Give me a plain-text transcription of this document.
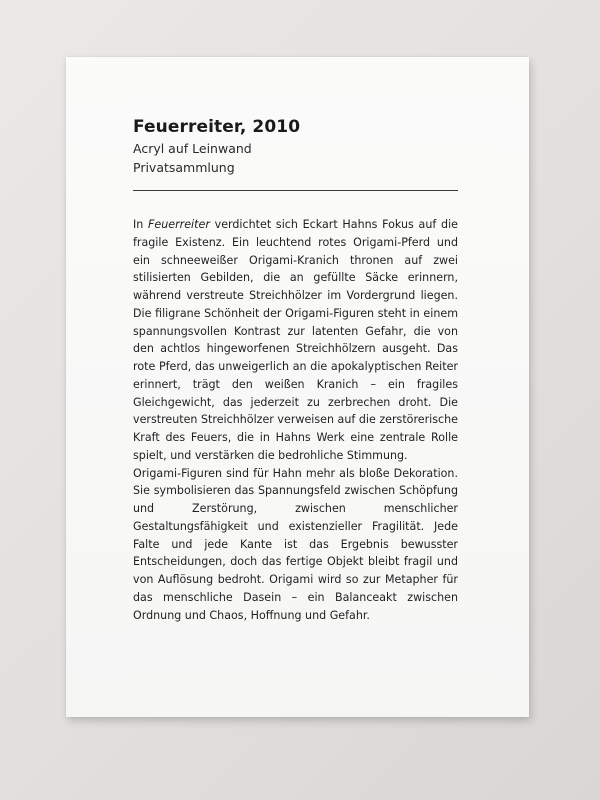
Feuerreiter, 2010
Acryl auf Leinwand
Privatsammlung

In Feuerreiter verdichtet sich Eckart Hahns Fokus auf die fragile Existenz. Ein leuchtend rotes Origami-Pferd und ein schneeweißer Origami-Kranich thronen auf zwei stilisierten Gebilden, die an gefüllte Säcke erinnern, während verstreute Streichhölzer im Vordergrund liegen. Die filigrane Schönheit der Origami-Figuren steht in einem spannungsvollen Kontrast zur latenten Gefahr, die von den achtlos hingeworfenen Streichhölzern ausgeht. Das rote Pferd, das unweigerlich an die apokalyptischen Reiter erinnert, trägt den weißen Kranich – ein fragiles Gleichgewicht, das jederzeit zu zerbrechen droht. Die verstreuten Streichhölzer verweisen auf die zerstörerische Kraft des Feuers, die in Hahns Werk eine zentrale Rolle spielt, und verstärken die bedrohliche Stimmung.

Origami-Figuren sind für Hahn mehr als bloße Dekoration. Sie symbolisieren das Spannungsfeld zwischen Schöpfung und Zerstörung, zwischen menschlicher Gestaltungsfähigkeit und existenzieller Fragilität. Jede Falte und jede Kante ist das Ergebnis bewusster Entscheidungen, doch das fertige Objekt bleibt fragil und von Auflösung bedroht. Origami wird so zur Metapher für das menschliche Dasein – ein Balanceakt zwischen Ordnung und Chaos, Hoffnung und Gefahr.
